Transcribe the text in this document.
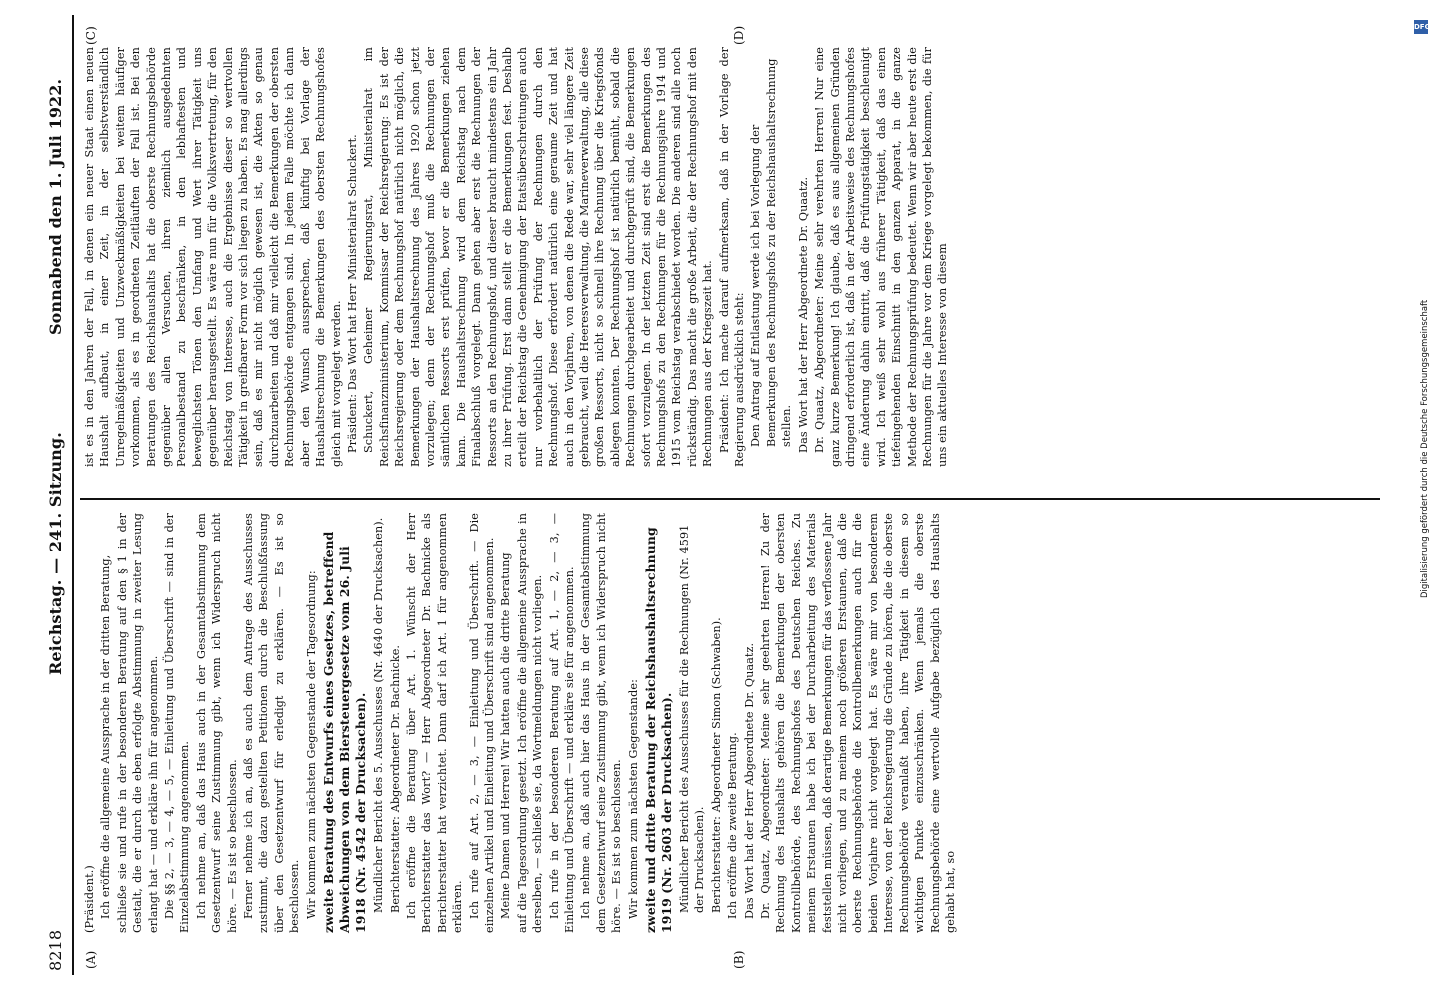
8218
Reichstag. — 241. Sitzung.
Sonnabend den 1. Juli 1922.
(A)	(B)
(C)	(D)

(Präsident.) Ich eröffne die allgemeine Aussprache in der dritten Beratung, schließe sie und rufe in der besonderen Beratung auf den § 1 in der Gestalt, die er durch die eben erfolgte Abstimmung in zweiter Lesung erlangt hat — und erkläre ihn für angenommen. Die §§ 2, — 3, — 4, — 5, — Einleitung und Überschrift — sind in der Einzelabstimmung angenommen. Ich nehme an, daß das Haus auch in der Gesamtabstimmung dem Gesetzentwurf seine Zustimmung gibt, wenn ich Widerspruch nicht höre. — Es ist so beschlossen. Ferner nehme ich an, daß es auch dem Antrage des Ausschusses zustimmt, die dazu gestellten Petitionen durch die Beschlußfassung über den Gesetzentwurf für erledigt zu erklären. — Es ist so beschlossen. Wir kommen zum nächsten Gegenstande der Tagesordnung: zweite Beratung des Entwurfs eines Gesetzes, betreffend Abweichungen von dem Biersteuergesetze vom 26. Juli 1918 (Nr. 4542 der Drucksachen). Mündlicher Bericht des 5. Ausschusses (Nr. 4640 der Drucksachen). Berichterstatter: Abgeordneter Dr. Bachnicke. Ich eröffne die Beratung über Art. 1. Wünscht der Herr Berichterstatter das Wort? — Herr Abgeordneter Dr. Bachnicke als Berichterstatter hat verzichtet. Dann darf ich Art. 1 für angenommen erklären. Ich rufe auf Art. 2, — 3, — Einleitung und Überschrift. — Die einzelnen Artikel und Einleitung und Überschrift sind angenommen. Meine Damen und Herren! Wir hatten auch die dritte Beratung auf die Tagesordnung gesetzt. Ich eröffne die allgemeine Aussprache in derselben, — schließe sie, da Wortmeldungen nicht vorliegen. Ich rufe in der besonderen Beratung auf Art. 1, — 2, — 3, — Einleitung und Überschrift — und erkläre sie für angenommen. Ich nehme an, daß auch hier das Haus in der Gesamtabstimmung dem Gesetzentwurf seine Zustimmung gibt, wenn ich Widerspruch nicht höre. — Es ist so beschlossen. Wir kommen zum nächsten Gegenstande: zweite und dritte Beratung der Reichshaushaltsrechnung 1919 (Nr. 2603 der Drucksachen). Mündlicher Bericht des Ausschusses für die Rechnungen (Nr. 4591 der Drucksachen). Berichterstatter: Abgeordneter Simon (Schwaben). Ich eröffne die zweite Beratung. Das Wort hat der Herr Abgeordnete Dr. Quaatz. Dr. Quaatz, Abgeordneter: Meine sehr geehrten Herren! Zu der Rechnung des Haushalts gehören die Bemerkungen der obersten Kontrollbehörde, des Rechnungshofes des Deutschen Reiches. Zu meinem Erstaunen habe ich bei der Durcharbeitung des Materials feststellen müssen, daß derartige Bemerkungen für das verflossene Jahr nicht vorliegen, und zu meinem noch größeren Erstaunen, daß die oberste Rechnungsbehörde die Kontrollbemerkungen auch für die beiden Vorjahre nicht vorgelegt hat. Es wäre mir von besonderem Interesse, von der Reichsregierung die Gründe zu hören, die die oberste Rechnungsbehörde veranlaßt haben, ihre Tätigkeit in diesem so wichtigen Punkte einzuschränken. Wenn jemals die oberste Rechnungsbehörde eine wertvolle Aufgabe bezüglich des Haushalts gehabt hat, so

ist es in den Jahren der Fall, in denen ein neuer Staat einen neuen Haushalt aufbaut, in einer Zeit, in der selbstverständlich Unregelmäßigkeiten und Unzweckmäßigkeiten bei weitem häufiger vorkommen, als es in geordneten Zeitläuften der Fall ist. Bei den Beratungen des Reichshaushalts hat die oberste Rechnungsbehörde gegenüber allen Versuchen, ihren ziemlich ausgedehnten Personalbestand zu beschränken, in den lebhaftesten und beweglichsten Tönen den Umfang und Wert ihrer Tätigkeit uns gegenüber herausgestellt. Es wäre nun für die Volksvertretung, für den Reichstag von Interesse, auch die Ergebnisse dieser so wertvollen Tätigkeit in greifbarer Form vor sich liegen zu haben. Es mag allerdings sein, daß es mir nicht möglich gewesen ist, die Akten so genau durchzuarbeiten und daß mir vielleicht die Bemerkungen der obersten Rechnungsbehörde entgangen sind. In jedem Falle möchte ich dann aber den Wunsch aussprechen, daß künftig bei Vorlage der Haushaltsrechnung die Bemerkungen des obersten Rechnungshofes gleich mit vorgelegt werden. Präsident: Das Wort hat Herr Ministerialrat Schuckert. Schuckert, Geheimer Regierungsrat, Ministerialrat im Reichsfinanzministerium, Kommissar der Reichsregierung: Es ist der Reichsregierung oder dem Rechnungshof natürlich nicht möglich, die Bemerkungen der Haushaltsrechnung des Jahres 1920 schon jetzt vorzulegen; denn der Rechnungshof muß die Rechnungen der sämtlichen Ressorts erst prüfen, bevor er die Bemerkungen ziehen kann. Die Haushaltsrechnung wird dem Reichstag nach dem Finalabschluß vorgelegt. Dann gehen aber erst die Rechnungen der Ressorts an den Rechnungshof, und dieser braucht mindestens ein Jahr zu ihrer Prüfung. Erst dann stellt er die Bemerkungen fest. Deshalb erteilt der Reichstag die Genehmigung der Etatsüberschreitungen auch nur vorbehaltlich der Prüfung der Rechnungen durch den Rechnungshof. Diese erfordert natürlich eine geraume Zeit und hat auch in den Vorjahren, von denen die Rede war, sehr viel längere Zeit gebraucht, weil die Heeresverwaltung, die Marineverwaltung, alle diese großen Ressorts, nicht so schnell ihre Rechnung über die Kriegsfonds ablegen konnten. Der Rechnungshof ist natürlich bemüht, sobald die Rechnungen durchgearbeitet und durchgeprüft sind, die Bemerkungen sofort vorzulegen. In der letzten Zeit sind erst die Bemerkungen des Rechnungshofs zu den Rechnungen für die Rechnungsjahre 1914 und 1915 vom Reichstag verabschiedet worden. Die anderen sind alle noch rückständig. Das macht die große Arbeit, die der Rechnungshof mit den Rechnungen aus der Kriegszeit hat. Präsident: Ich mache darauf aufmerksam, daß in der Vorlage der Regierung ausdrücklich steht: Den Antrag auf Entlastung werde ich bei Vorlegung der Bemerkungen des Rechnungshofs zu der Reichshaushaltsrechnung stellen. Das Wort hat der Herr Abgeordnete Dr. Quaatz. Dr. Quaatz, Abgeordneter: Meine sehr verehrten Herren! Nur eine ganz kurze Bemerkung! Ich glaube, daß es aus allgemeinen Gründen dringend erforderlich ist, daß in der Arbeitsweise des Rechnungshofes eine Änderung dahin eintritt, daß die Prüfungstätigkeit beschleunigt wird. Ich weiß sehr wohl aus früherer Tätigkeit, daß das einen tiefeingehenden Einschnitt in den ganzen Apparat, in die ganze Methode der Rechnungsprüfung bedeutet. Wenn wir aber heute erst die Rechnungen für die Jahre vor dem Kriege vorgelegt bekommen, die für uns ein aktuelles Interesse von diesem

DFG
Digitalisierung gefördert durch die Deutsche Forschungsgemeinschaft
